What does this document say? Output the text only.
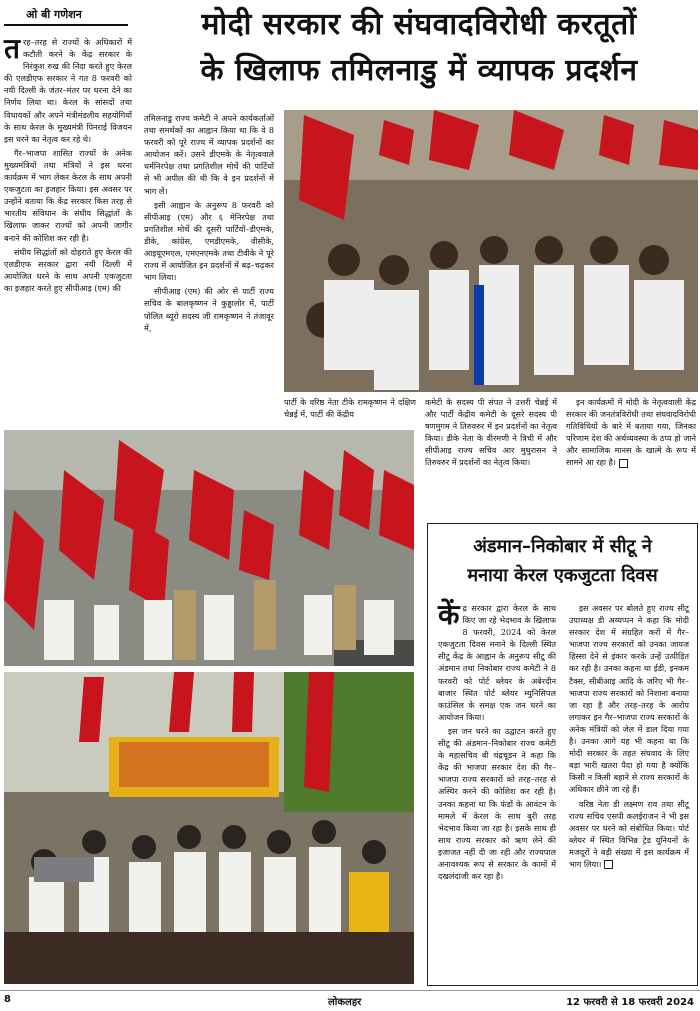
ओ बी गणेशन	मोदी सरकार की संघवादविरोधी करतूतों
के खिलाफ तमिलनाडु में व्यापक प्रदर्शन

तरह–तरह से राज्यों के अधिकारों में कटौती करने के केंद्र सरकार के निरंकुश रुख की निंदा करते हुए केरल की एलडीएफ सरकार ने गत 8 फरवरी को नयी दिल्ली के जंतर–मंतर पर धरना देने का निर्णय लिया था। केरल के सांसदों तथा विधायकों और अपने मंत्रीमंडलीय सहयोगियों के साथ केरल के मुख्यमंत्री पिनराई विजयन इस धरने का नेतृत्व कर रहे थे।

गैर–भाजपा शासित राज्यों के अनेक मुख्यमंत्रियों तथा मंत्रियों ने इस धरना कार्यक्रम में भाग लेकर केरल के साथ अपनी एकजुटता का इजहार किया। इस अवसर पर उन्होंने बताया कि केंद्र सरकार किस तरह से भारतीय संविधान के संघीय सिद्धांतों के खिलाफ जाकर राज्यों को अपनी जागीर बनाने की कोशिश कर रही है।

संघीय सिद्धांतों को दोहराते हुए केरल की एलडीएफ सरकार द्वारा नयी दिल्ली में आयोजित धरने के साथ अपनी एकजुटता का इजहार करते हुए सीपीआइ (एम) की

तमिलनाडु राज्य कमेटी ने अपने कार्यकर्ताओं तथा समर्थकों का आह्वान किया था कि वे 8 फरवरी को पूरे राज्य में व्यापक प्रदर्शनों का आयोजन करें। उसने डीएमके के नेतृत्ववाले धर्मनिरपेक्ष तथा प्रगतिशील मोर्चे की पार्टियों से भी अपील की थी कि वे इन प्रदर्शनों में भाग लें।

इसी आह्वान के अनुरूप 8 फरवरी को सीपीआइ (एम) और ६ मेनिरपेक्ष तथा प्रगतिशील मोर्चे की दूसरी पार्टियों–डीएमके, डीके, कांग्रेस, एमडीएमके, वीसीके, आइयूएमएल, एमएनएमके तथा टीवीके ने पूरे राज्य में आयोजित इन प्रदर्शनों में बढ़–चढ़कर भाग लिया।

सीपीआइ (एम) की ओर से पार्टी राज्य सचिव के बालकृष्णन ने कुड्डालोर में, पार्टी पोलित ब्यूरो सदस्य जी रामकृष्णन ने तंजावूर में,

पार्टी के वरिष्ठ नेता टीके रामकृष्णन ने दक्षिण चेन्नई में, पार्टी की केंद्रीय

कमेटी के सदस्य पी संपत ने उत्तरी चेन्नई में और पार्टी केंद्रीय कमेटी के दूसरे सदस्य पी षणमुगम ने तिरुवरुर में इन प्रदर्शनों का नेतृत्व किया। डीके नेता के वीरमणी ने त्रिची में और सीपीआइ राज्य सचिव आर मुथुरासन ने तिरुवरुर में प्रदर्शनों का नेतृत्व किया।

इन कार्यक्रमों में मोदी के नेतृत्ववाली केंद्र सरकार की जनतंत्रविरोधी तथा संघवादविरोधी गतिविधियों के बारे में बताया गया, जिनका परिणाम देश की अर्थव्यवस्था के ठप्प हो जाने और सामाजिक मानस के खात्मे के रूप में सामने आ रहा है।

अंडमान–निकोबार में सीटू ने
मनाया केरल एकजुटता दिवस

केंद्र सरकार द्वारा केरल के साथ किए जा रहे भेदभाव के खिलाफ 8 फरवरी, 2024 को केरल एकजुटता दिवस मनाने के दिल्ली स्थित सीटू केंद्र के आह्वान के अनुरूप सीटू की अंडमान तथा निकोबार राज्य कमेटी ने 8 फरवरी को पोर्ट ब्लेयर के अबेरदीन बाजार स्थित पोर्ट ब्लेयर म्युनिसिपल काउंसिल के समक्ष एक जन धरने का आयोजन किया।

इस जन धरने का उद्घाटन करते हुए सीटू की अंडमान–निकोबार राज्य कमेटी के महासचिव बी चंद्रचूडन ने कहा कि केंद्र की भाजपा सरकार देश की गैर–भाजपा राज्य सरकारों को तरह–तरह से अस्थिर करने की कोशिश कर रही है। उनका कहना था कि फंडों के आवंटन के मामले में केरल के साथ बुरी तरह भेदभाव किया जा रहा है। इसके साथ ही साथ राज्य सरकार को ऋण लेने की इजाजत नहीं दी जा रही और राज्यपाल अनावश्यक रूप से सरकार के कामों में दखलंदाजी कर रहा है।

इस अवसर पर बोलते हुए राज्य सीटू उपाध्यक्ष डी अय्यप्पन ने कहा कि मोदी सरकार देश में संग्रहित करों में गैर–भाजपा राज्य सरकारों को उनका जायज हिस्सा देने से इंकार करके उन्हें उत्पीड़ित कर रही है। उनका कहना था ईडी, इनकम टैक्स, सीबीआइ आदि के जरिए भी गैर–भाजपा राज्य सरकारों को निशाना बनाया जा रहा है और तरह–तरह के आरोप लगाकर इन गैर–भाजपा राज्य सरकारों के अनेक मंत्रियों को जेल में डाल दिया गया है। उनका आगे यह भी कहना था कि मोदी सरकार के तहत संघवाद के लिए बड़ा भारी खतरा पैदा हो गया है क्योंकि किसी न किसी बहाने से राज्य सरकारों के अधिकार छीने जा रहे हैं।

वरिष्ठ नेता डी लक्ष्मण राव तथा सीटू राज्य सचिव एसपी कलईराजन ने भी इस अवसर पर धरने को संबोधित किया। पोर्ट ब्लेयर में स्थित विभिन्न ट्रेड यूनियनों के मजदूरों ने बड़ी संख्या में इस कार्यक्रम में भाग लिया।

8	लोकलहर	12 फरवरी से 18 फरवरी 2024
